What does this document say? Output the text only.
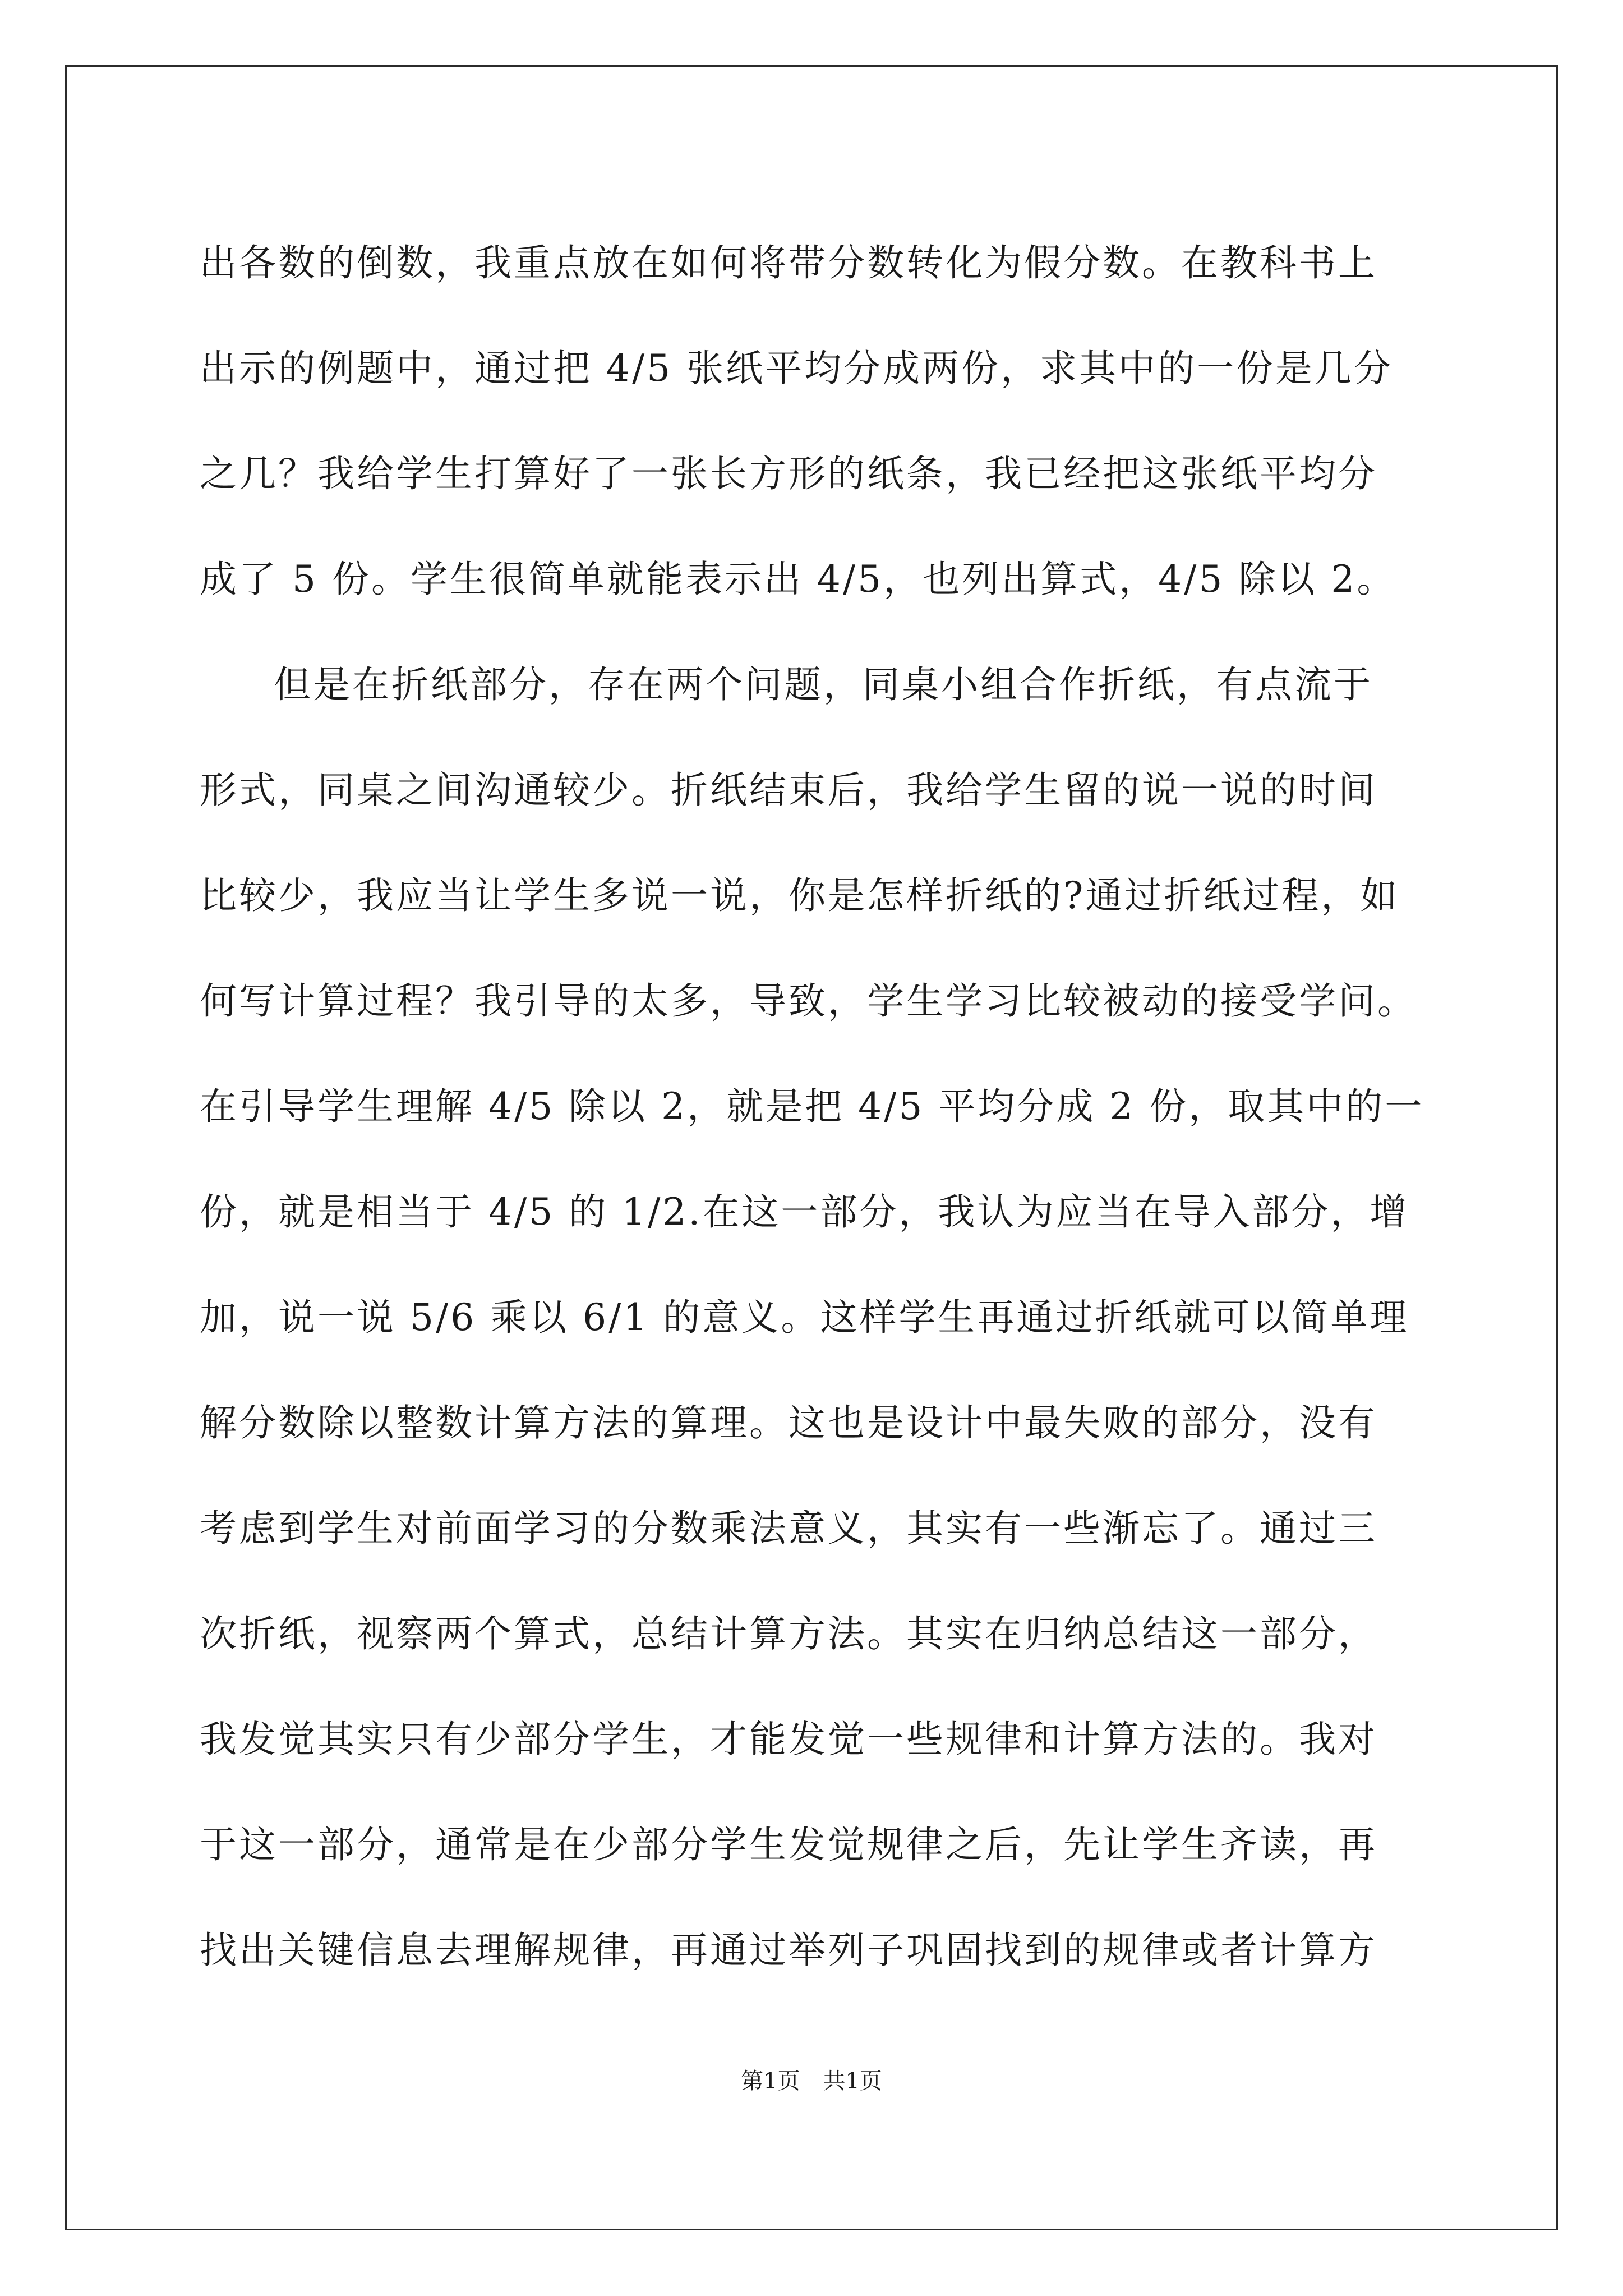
出各数的倒数，我重点放在如何将带分数转化为假分数。在教科书上
出示的例题中，通过把 4/5 张纸平均分成两份，求其中的一份是几分
之几？我给学生打算好了一张长方形的纸条，我已经把这张纸平均分
成了 5 份。学生很简单就能表示出 4/5，也列出算式，4/5 除以 2。
但是在折纸部分，存在两个问题，同桌小组合作折纸，有点流于
形式，同桌之间沟通较少。折纸结束后，我给学生留的说一说的时间
比较少，我应当让学生多说一说，你是怎样折纸的?通过折纸过程，如
何写计算过程？我引导的太多，导致，学生学习比较被动的接受学问。
在引导学生理解 4/5 除以 2，就是把 4/5 平均分成 2 份，取其中的一
份，就是相当于 4/5 的 1/2.在这一部分，我认为应当在导入部分，增
加，说一说 5/6 乘以 6/1 的意义。这样学生再通过折纸就可以简单理
解分数除以整数计算方法的算理。这也是设计中最失败的部分，没有
考虑到学生对前面学习的分数乘法意义，其实有一些渐忘了。通过三
次折纸，视察两个算式，总结计算方法。其实在归纳总结这一部分，
我发觉其实只有少部分学生，才能发觉一些规律和计算方法的。我对
于这一部分，通常是在少部分学生发觉规律之后，先让学生齐读，再
找出关键信息去理解规律，再通过举列子巩固找到的规律或者计算方
第1页 共1页
